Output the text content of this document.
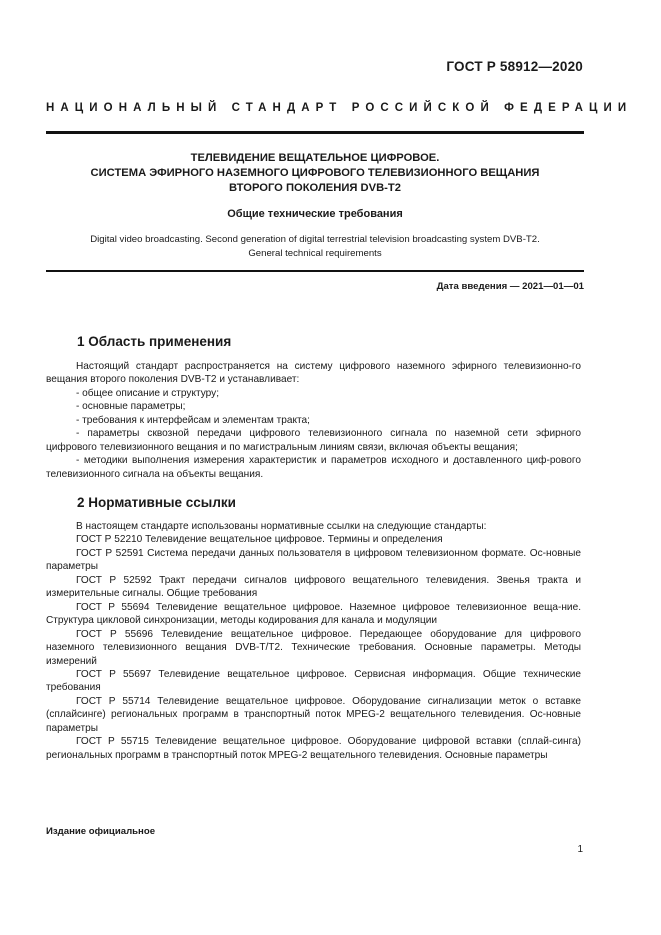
ГОСТ Р 58912—2020
НАЦИОНАЛЬНЫЙ СТАНДАРТ РОССИЙСКОЙ ФЕДЕРАЦИИ
ТЕЛЕВИДЕНИЕ ВЕЩАТЕЛЬНОЕ ЦИФРОВОЕ.
СИСТЕМА ЭФИРНОГО НАЗЕМНОГО ЦИФРОВОГО ТЕЛЕВИЗИОННОГО ВЕЩАНИЯ
ВТОРОГО ПОКОЛЕНИЯ DVB-T2
Общие технические требования
Digital video broadcasting. Second generation of digital terrestrial television broadcasting system DVB-T2.
General technical requirements
Дата введения — 2021—01—01
1 Область применения

Настоящий стандарт распространяется на систему цифрового наземного эфирного телевизионно-го вещания второго поколения DVB-T2 и устанавливает:

- общее описание и структуру;

- основные параметры;

- требования к интерфейсам и элементам тракта;

- параметры сквозной передачи цифрового телевизионного сигнала по наземной сети эфирного цифрового телевизионного вещания и по магистральным линиям связи, включая объекты вещания;

- методики выполнения измерения характеристик и параметров исходного и доставленного циф-рового телевизионного сигнала на объекты вещания.

2 Нормативные ссылки

В настоящем стандарте использованы нормативные ссылки на следующие стандарты:

ГОСТ Р 52210 Телевидение вещательное цифровое. Термины и определения

ГОСТ Р 52591 Система передачи данных пользователя в цифровом телевизионном формате. Ос-новные параметры

ГОСТ Р 52592 Тракт передачи сигналов цифрового вещательного телевидения. Звенья тракта и измерительные сигналы. Общие требования

ГОСТ Р 55694 Телевидение вещательное цифровое. Наземное цифровое телевизионное веща-ние. Структура цикловой синхронизации, методы кодирования для канала и модуляции

ГОСТ Р 55696 Телевидение вещательное цифровое. Передающее оборудование для цифрового наземного телевизионного вещания DVB-T/T2. Технические требования. Основные параметры. Методы измерений

ГОСТ Р 55697 Телевидение вещательное цифровое. Сервисная информация. Общие технические требования

ГОСТ Р 55714 Телевидение вещательное цифровое. Оборудование сигнализации меток о вставке (сплайсинге) региональных программ в транспортный поток MPEG-2 вещательного телевидения. Ос-новные параметры

ГОСТ Р 55715 Телевидение вещательное цифровое. Оборудование цифровой вставки (сплай-синга) региональных программ в транспортный поток MPEG-2 вещательного телевидения. Основные параметры

Издание официальное
1
